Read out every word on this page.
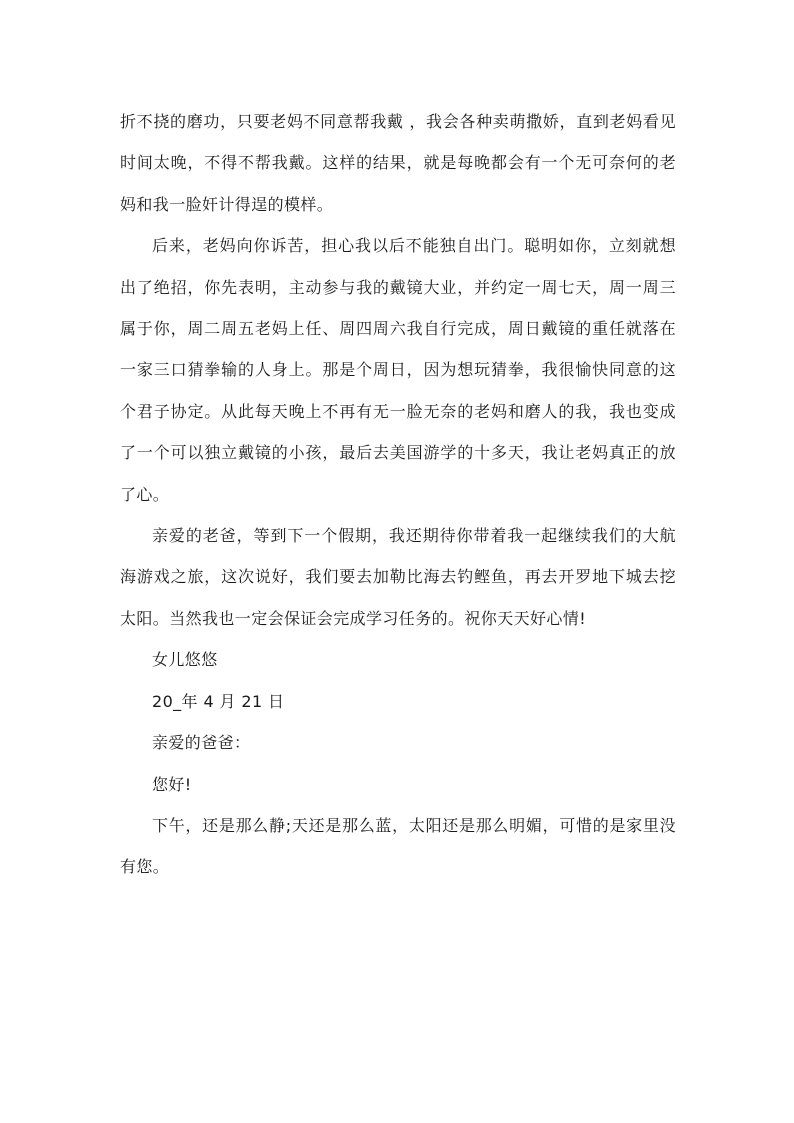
折不挠的磨功，只要老妈不同意帮我戴 ，我会各种卖萌撒娇，直到老妈看见时间太晚，不得不帮我戴。这样的结果，就是每晚都会有一个无可奈何的老妈和我一脸奸计得逞的模样。

后来，老妈向你诉苦，担心我以后不能独自出门。聪明如你，立刻就想出了绝招，你先表明，主动参与我的戴镜大业，并约定一周七天，周一周三属于你，周二周五老妈上任、周四周六我自行完成，周日戴镜的重任就落在一家三口猜拳输的人身上。那是个周日，因为想玩猜拳，我很愉快同意的这个君子协定。从此每天晚上不再有无一脸无奈的老妈和磨人的我，我也变成了一个可以独立戴镜的小孩，最后去美国游学的十多天，我让老妈真正的放了心。

亲爱的老爸，等到下一个假期，我还期待你带着我一起继续我们的大航海游戏之旅，这次说好，我们要去加勒比海去钓鲣鱼，再去开罗地下城去挖太阳。当然我也一定会保证会完成学习任务的。祝你天天好心情!

女儿悠悠

20_年 4 月 21 日

亲爱的爸爸：

您好!

下午，还是那么静;天还是那么蓝，太阳还是那么明媚，可惜的是家里没有您。
